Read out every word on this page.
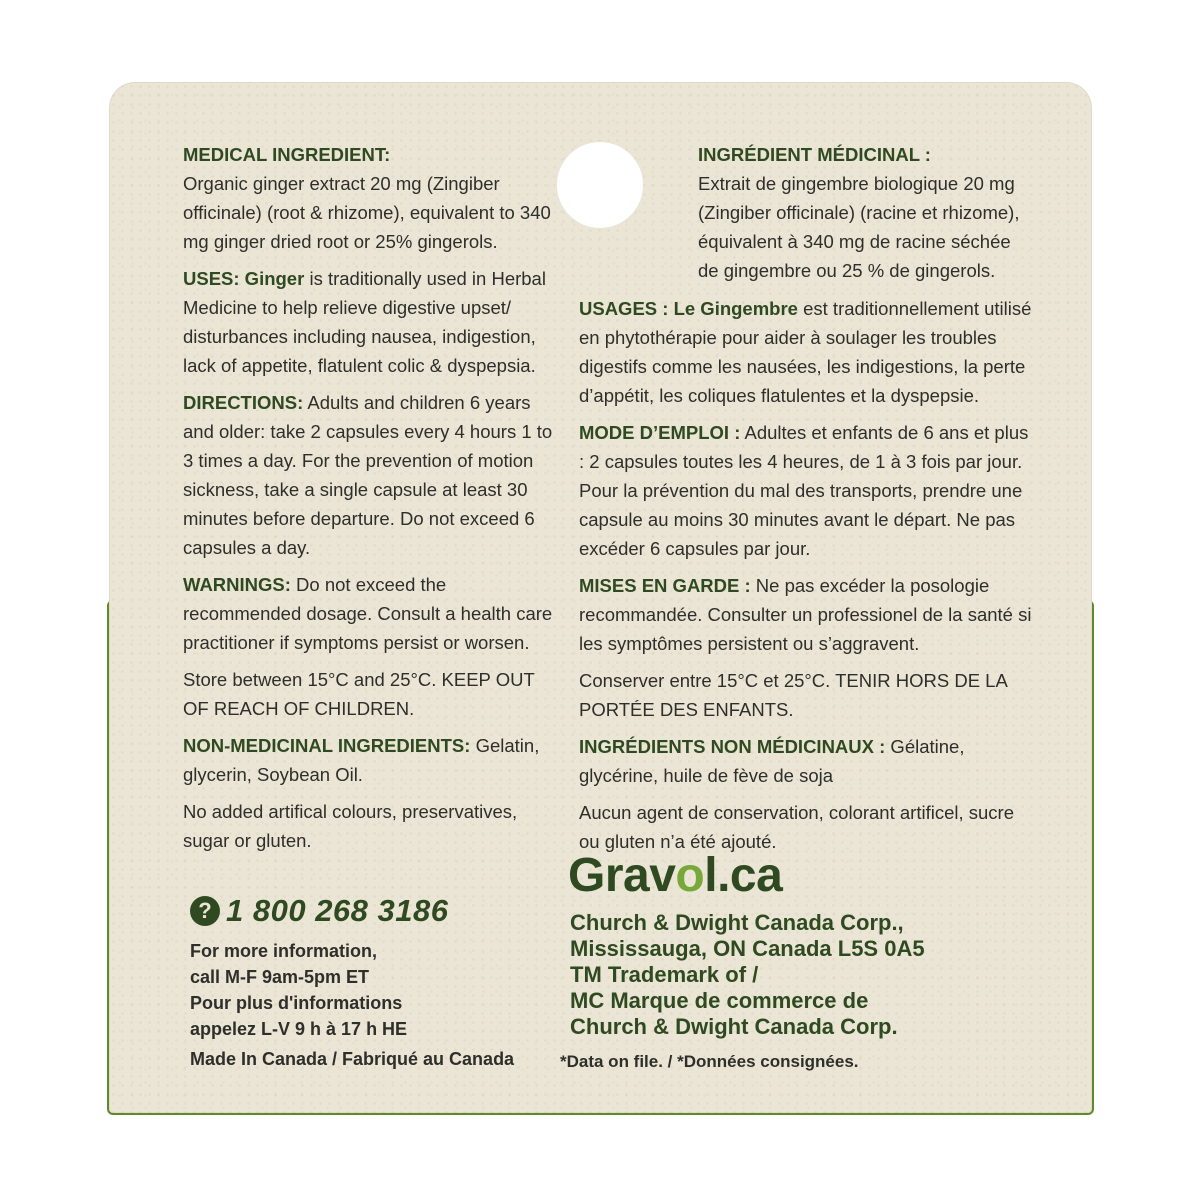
MEDICAL INGREDIENT:
Organic ginger extract 20 mg (Zingiber officinale) (root & rhizome), equivalent to 340 mg ginger dried root or 25% gingerols.

USES: Ginger is traditionally used in Herbal Medicine to help relieve digestive upset/ disturbances including nausea, indigestion, lack of appetite, flatulent colic & dyspepsia.

DIRECTIONS: Adults and children 6 years and older: take 2 capsules every 4 hours 1 to 3 times a day. For the prevention of motion sickness, take a single capsule at least 30 minutes before departure. Do not exceed 6 capsules a day.

WARNINGS: Do not exceed the recommended dosage. Consult a health care practitioner if symptoms persist or worsen.

Store between 15°C and 25°C. KEEP OUT OF REACH OF CHILDREN.

NON-MEDICINAL INGREDIENTS: Gelatin, glycerin, Soybean Oil.

No added artifical colours, preservatives, sugar or gluten.

INGRÉDIENT MÉDICINAL :
Extrait de gingembre biologique 20 mg (Zingiber officinale) (racine et rhizome), équivalent à 340 mg de racine séchée de gingembre ou 25 % de gingerols.

USAGES : Le Gingembre est traditionnellement utilisé en phytothérapie pour aider à soulager les troubles digestifs comme les nausées, les indigestions, la perte d’appétit, les coliques flatulentes et la dyspepsie.

MODE D’EMPLOI : Adultes et enfants de 6 ans et plus : 2 capsules toutes les 4 heures, de 1 à 3 fois par jour. Pour la prévention du mal des transports, prendre une capsule au moins 30 minutes avant le départ. Ne pas excéder 6 capsules par jour.

MISES EN GARDE : Ne pas excéder la posologie recommandée. Consulter un professionel de la santé si les symptômes persistent ou s’aggravent.

Conserver entre 15°C et 25°C. TENIR HORS DE LA PORTÉE DES ENFANTS.

INGRÉDIENTS NON MÉDICINAUX : Gélatine, glycérine, huile de fève de soja

Aucun agent de conservation, colorant artificel, sucre ou gluten n’a été ajouté.

? 1 800 268 3186
For more information,
call M-F 9am-5pm ET
Pour plus d'informations
appelez L-V 9 h à 17 h HE
Made In Canada / Fabriqué au Canada
Gravol.ca
Church & Dwight Canada Corp.,
Mississauga, ON Canada L5S 0A5
TM Trademark of /
MC Marque de commerce de
Church & Dwight Canada Corp.
*Data on file. / *Données consignées.
